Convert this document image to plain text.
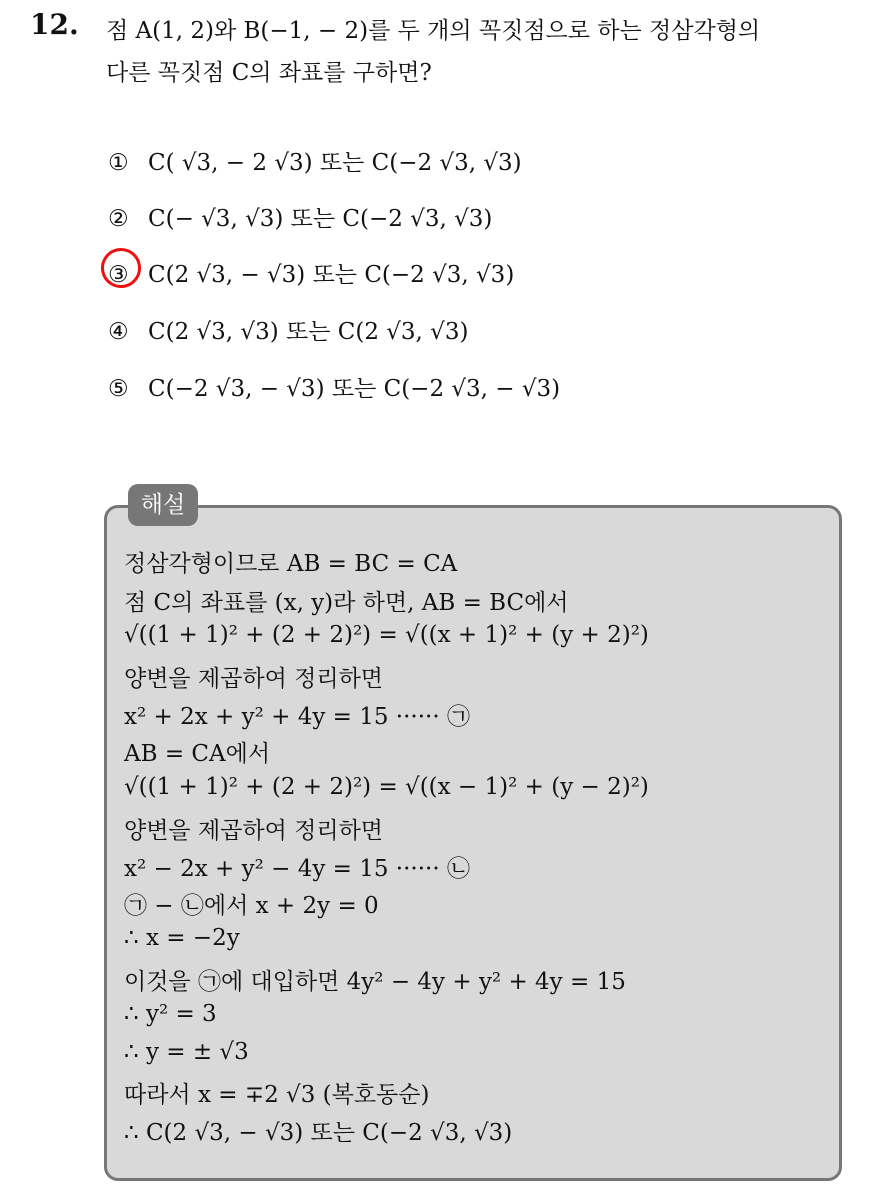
12. 점 A(1, 2)와 B(−1, − 2)를 두 개의 꼭짓점으로 하는 정삼각형의
다른 꼭짓점 C의 좌표를 구하면?
① C( √3, − 2 √3) 또는 C(−2 √3, √3)
② C(− √3, √3) 또는 C(−2 √3, √3)
③ C(2 √3, − √3) 또는 C(−2 √3, √3)
④ C(2 √3, √3) 또는 C(2 √3, √3)
⑤ C(−2 √3, − √3) 또는 C(−2 √3, − √3)
해설
정삼각형이므로 AB = BC = CA
점 C의 좌표를 (x, y)라 하면, AB = BC에서
√((1 + 1)² + (2 + 2)²) = √((x + 1)² + (y + 2)²)
양변을 제곱하여 정리하면
x² + 2x + y² + 4y = 15 ······ ㉠
AB = CA에서
√((1 + 1)² + (2 + 2)²) = √((x − 1)² + (y − 2)²)
양변을 제곱하여 정리하면
x² − 2x + y² − 4y = 15 ······ ㉡
㉠ − ㉡에서 x + 2y = 0
∴ x = −2y
이것을 ㉠에 대입하면 4y² − 4y + y² + 4y = 15
∴ y² = 3
∴ y = ± √3
따라서 x = ∓2 √3 (복호동순)
∴ C(2 √3, − √3) 또는 C(−2 √3, √3)
